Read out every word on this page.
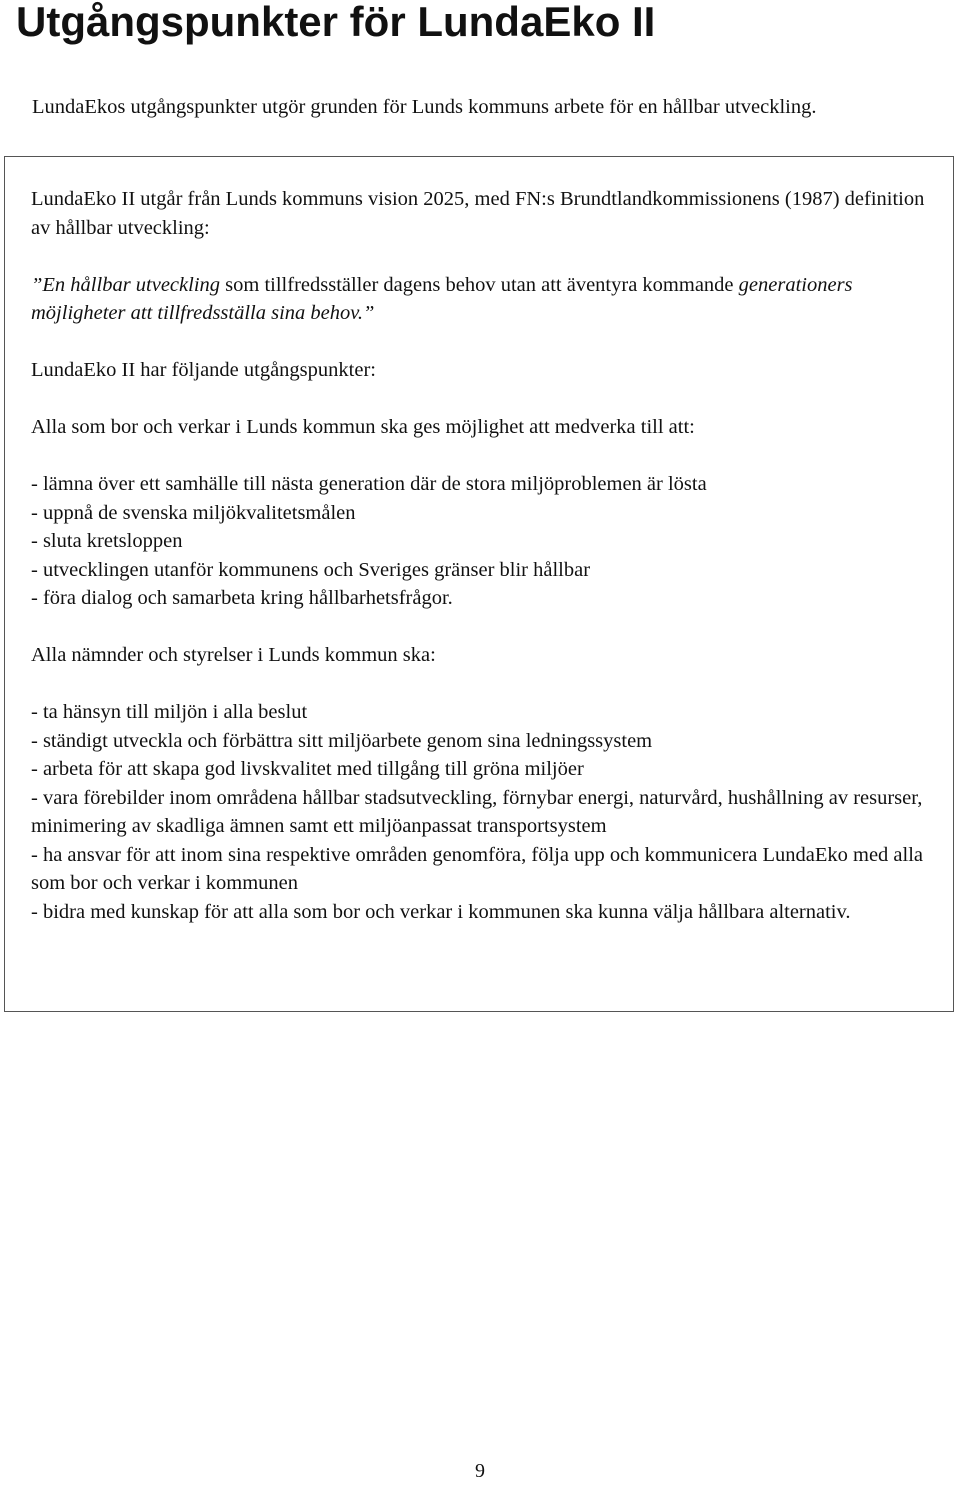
Utgångspunkter för LundaEko II

LundaEkos utgångspunkter utgör grunden för Lunds kommuns arbete för en hållbar utveckling.

LundaEko II utgår från Lunds kommuns vision 2025, med FN:s Brundtlandkommissionens (1987) definition av hållbar utveckling:

”En hållbar utveckling som tillfredsställer dagens behov utan att äventyra kommande generationers möjligheter att tillfredsställa sina behov.”

LundaEko II har följande utgångspunkter:

Alla som bor och verkar i Lunds kommun ska ges möjlighet att medverka till att:

- lämna över ett samhälle till nästa generation där de stora miljöproblemen är lösta
- uppnå de svenska miljökvalitetsmålen
- sluta kretsloppen
- utvecklingen utanför kommunens och Sveriges gränser blir hållbar
- föra dialog och samarbeta kring hållbarhetsfrågor.

Alla nämnder och styrelser i Lunds kommun ska:

- ta hänsyn till miljön i alla beslut
- ständigt utveckla och förbättra sitt miljöarbete genom sina ledningssystem
- arbeta för att skapa god livskvalitet med tillgång till gröna miljöer
- vara förebilder inom områdena hållbar stadsutveckling, förnybar energi, naturvård, hushållning av resurser, minimering av skadliga ämnen samt ett miljöanpassat transportsystem
- ha ansvar för att inom sina respektive områden genomföra, följa upp och kommunicera LundaEko med alla som bor och verkar i kommunen
- bidra med kunskap för att alla som bor och verkar i kommunen ska kunna välja hållbara alternativ.
9
